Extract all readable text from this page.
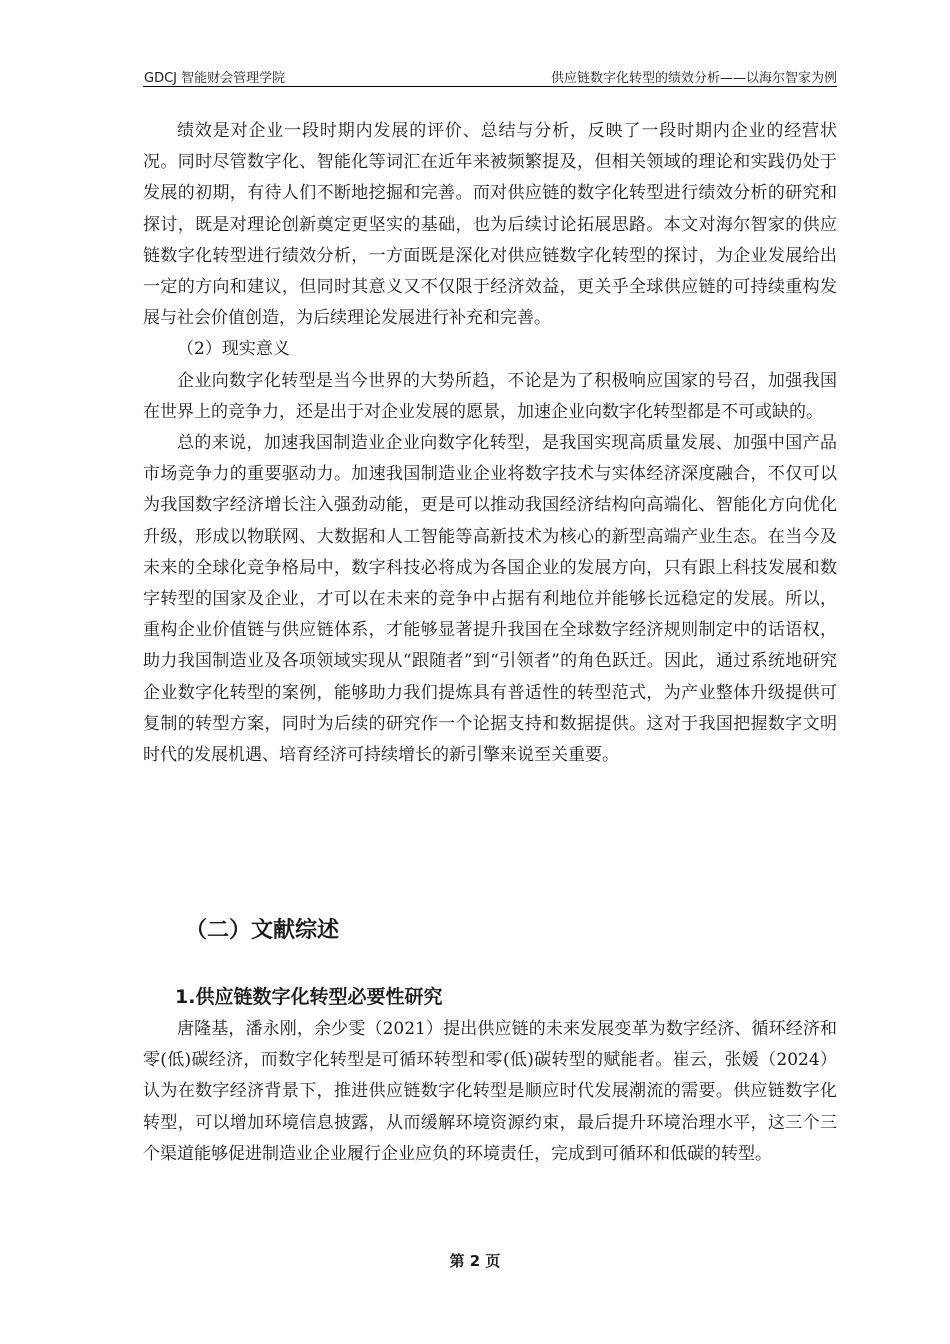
GDCJ 智能财会管理学院	供应链数字化转型的绩效分析——以海尔智家为例

绩效是对企业一段时期内发展的评价、总结与分析，反映了一段时期内企业的经营状况。同时尽管数字化、智能化等词汇在近年来被频繁提及，但相关领域的理论和实践仍处于发展的初期，有待人们不断地挖掘和完善。而对供应链的数字化转型进行绩效分析的研究和探讨，既是对理论创新奠定更坚实的基础，也为后续讨论拓展思路。本文对海尔智家的供应链数字化转型进行绩效分析，一方面既是深化对供应链数字化转型的探讨，为企业发展给出一定的方向和建议，但同时其意义又不仅限于经济效益，更关乎全球供应链的可持续重构发展与社会价值创造，为后续理论发展进行补充和完善。

（2）现实意义

企业向数字化转型是当今世界的大势所趋，不论是为了积极响应国家的号召，加强我国在世界上的竞争力，还是出于对企业发展的愿景，加速企业向数字化转型都是不可或缺的。

总的来说，加速我国制造业企业向数字化转型，是我国实现高质量发展、加强中国产品市场竞争力的重要驱动力。加速我国制造业企业将数字技术与实体经济深度融合，不仅可以为我国数字经济增长注入强劲动能，更是可以推动我国经济结构向高端化、智能化方向优化升级，形成以物联网、大数据和人工智能等高新技术为核心的新型高端产业生态。在当今及未来的全球化竞争格局中，数字科技必将成为各国企业的发展方向，只有跟上科技发展和数字转型的国家及企业，才可以在未来的竞争中占据有利地位并能够长远稳定的发展。所以，重构企业价值链与供应链体系，才能够显著提升我国在全球数字经济规则制定中的话语权，助力我国制造业及各项领域实现从“跟随者”到“引领者”的角色跃迁。因此，通过系统地研究企业数字化转型的案例，能够助力我们提炼具有普适性的转型范式，为产业整体升级提供可复制的转型方案，同时为后续的研究作一个论据支持和数据提供。这对于我国把握数字文明时代的发展机遇、培育经济可持续增长的新引擎来说至关重要。

（二）文献综述
1.供应链数字化转型必要性研究

唐隆基，潘永刚，余少雯（2021）提出供应链的未来发展变革为数字经济、循环经济和零(低)碳经济，而数字化转型是可循环转型和零(低)碳转型的赋能者。崔云，张媛（2024）认为在数字经济背景下，推进供应链数字化转型是顺应时代发展潮流的需要。供应链数字化转型，可以增加环境信息披露，从而缓解环境资源约束，最后提升环境治理水平，这三个三个渠道能够促进制造业企业履行企业应负的环境责任，完成到可循环和低碳的转型。

第 2 页
